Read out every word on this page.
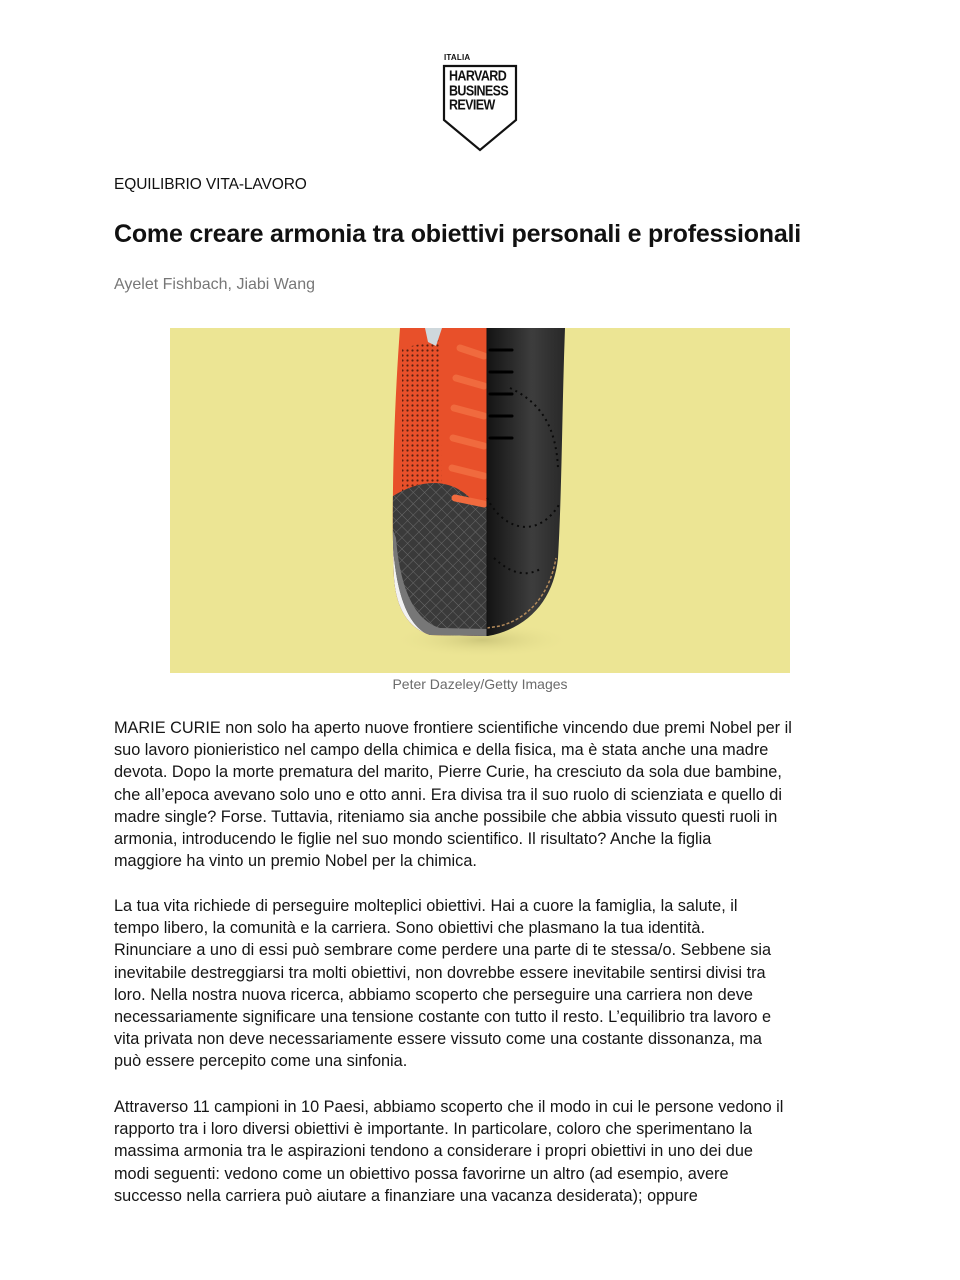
ITALIA
HARVARD
BUSINESS
REVIEW
EQUILIBRIO VITA-LAVORO
Come creare armonia tra obiettivi personali e professionali
Ayelet Fishbach, Jiabi Wang
Peter Dazeley/Getty Images
MARIE CURIE non solo ha aperto nuove frontiere scientifiche vincendo due premi Nobel per il
suo lavoro pionieristico nel campo della chimica e della fisica, ma è stata anche una madre
devota. Dopo la morte prematura del marito, Pierre Curie, ha cresciuto da sola due bambine,
che all’epoca avevano solo uno e otto anni. Era divisa tra il suo ruolo di scienziata e quello di
madre single? Forse. Tuttavia, riteniamo sia anche possibile che abbia vissuto questi ruoli in
armonia, introducendo le figlie nel suo mondo scientifico. Il risultato? Anche la figlia
maggiore ha vinto un premio Nobel per la chimica.
La tua vita richiede di perseguire molteplici obiettivi. Hai a cuore la famiglia, la salute, il
tempo libero, la comunità e la carriera. Sono obiettivi che plasmano la tua identità.
Rinunciare a uno di essi può sembrare come perdere una parte di te stessa/o. Sebbene sia
inevitabile destreggiarsi tra molti obiettivi, non dovrebbe essere inevitabile sentirsi divisi tra
loro. Nella nostra nuova ricerca, abbiamo scoperto che perseguire una carriera non deve
necessariamente significare una tensione costante con tutto il resto. L’equilibrio tra lavoro e
vita privata non deve necessariamente essere vissuto come una costante dissonanza, ma
può essere percepito come una sinfonia.
Attraverso 11 campioni in 10 Paesi, abbiamo scoperto che il modo in cui le persone vedono il
rapporto tra i loro diversi obiettivi è importante. In particolare, coloro che sperimentano la
massima armonia tra le aspirazioni tendono a considerare i propri obiettivi in uno dei due
modi seguenti: vedono come un obiettivo possa favorirne un altro (ad esempio, avere
successo nella carriera può aiutare a finanziare una vacanza desiderata); oppure
